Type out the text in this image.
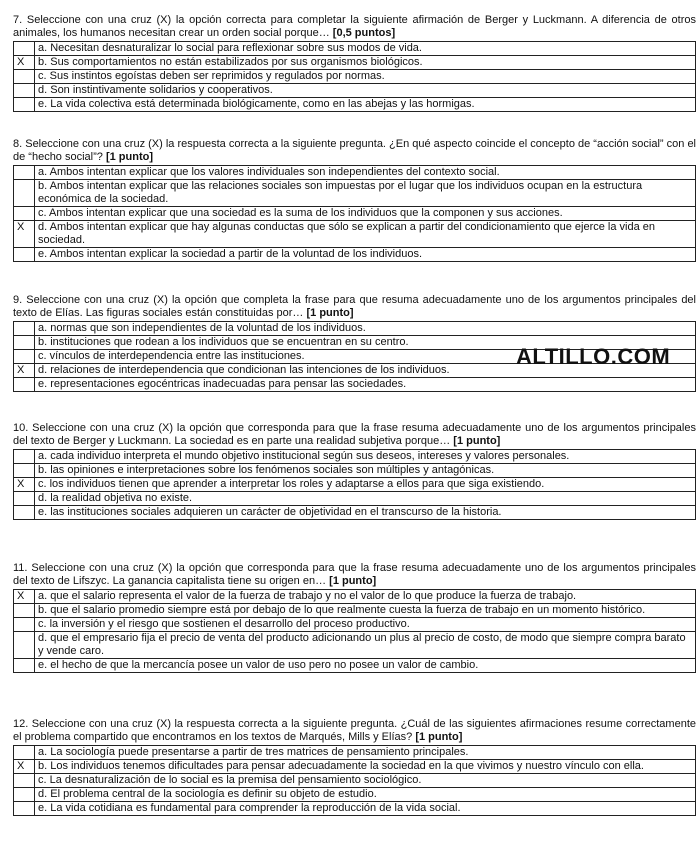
7. Seleccione con una cruz (X) la opción correcta para completar la siguiente afirmación de Berger y Luckmann. A diferencia de otros animales, los humanos necesitan crear un orden social porque… [0,5 puntos]
	a. Necesitan desnaturalizar lo social para reflexionar sobre sus modos de vida.
X	b. Sus comportamientos no están estabilizados por sus organismos biológicos.
	c. Sus instintos egoístas deben ser reprimidos y regulados por normas.
	d. Son instintivamente solidarios y cooperativos.
	e. La vida colectiva está determinada biológicamente, como en las abejas y las hormigas.
8. Seleccione con una cruz (X) la respuesta correcta a la siguiente pregunta. ¿En qué aspecto coincide el concepto de “acción social” con el de “hecho social”? [1 punto]
	a. Ambos intentan explicar que los valores individuales son independientes del contexto social.
	b. Ambos intentan explicar que las relaciones sociales son impuestas por el lugar que los individuos ocupan en la estructura económica de la sociedad.
	c. Ambos intentan explicar que una sociedad es la suma de los individuos que la componen y sus acciones.
X	d. Ambos intentan explicar que hay algunas conductas que sólo se explican a partir del condicionamiento que ejerce la vida en sociedad.
	e. Ambos intentan explicar la sociedad a partir de la voluntad de los individuos.
9. Seleccione con una cruz (X) la opción que completa la frase para que resuma adecuadamente uno de los argumentos principales del texto de Elías. Las figuras sociales están constituidas por… [1 punto]
	a. normas que son independientes de la voluntad de los individuos.
	b. instituciones que rodean a los individuos que se encuentran en su centro.
	c. vínculos de interdependencia entre las instituciones.
X	d. relaciones de interdependencia que condicionan las intenciones de los individuos.
	e. representaciones egocéntricas inadecuadas para pensar las sociedades.
10. Seleccione con una cruz (X) la opción que corresponda para que la frase resuma adecuadamente uno de los argumentos principales del texto de Berger y Luckmann. La sociedad es en parte una realidad subjetiva porque… [1 punto]
	a. cada individuo interpreta el mundo objetivo institucional según sus deseos, intereses y valores personales.
	b. las opiniones e interpretaciones sobre los fenómenos sociales son múltiples y antagónicas.
X	c. los individuos tienen que aprender a interpretar los roles y adaptarse a ellos para que siga existiendo.
	d. la realidad objetiva no existe.
	e. las instituciones sociales adquieren un carácter de objetividad en el transcurso de la historia.
11. Seleccione con una cruz (X) la opción que corresponda para que la frase resuma adecuadamente uno de los argumentos principales del texto de Lifszyc. La ganancia capitalista tiene su origen en… [1 punto]
X	a. que el salario representa el valor de la fuerza de trabajo y no el valor de lo que produce la fuerza de trabajo.
	b. que el salario promedio siempre está por debajo de lo que realmente cuesta la fuerza de trabajo en un momento histórico.
	c. la inversión y el riesgo que sostienen el desarrollo del proceso productivo.
	d. que el empresario fija el precio de venta del producto adicionando un plus al precio de costo, de modo que siempre compra barato y vende caro.
	e. el hecho de que la mercancía posee un valor de uso pero no posee un valor de cambio.
12. Seleccione con una cruz (X) la respuesta correcta a la siguiente pregunta. ¿Cuál de las siguientes afirmaciones resume correctamente el problema compartido que encontramos en los textos de Marqués, Mills y Elías? [1 punto]
	a. La sociología puede presentarse a partir de tres matrices de pensamiento principales.
X	b. Los individuos tenemos dificultades para pensar adecuadamente la sociedad en la que vivimos y nuestro vínculo con ella.
	c. La desnaturalización de lo social es la premisa del pensamiento sociológico.
	d. El problema central de la sociología es definir su objeto de estudio.
	e. La vida cotidiana es fundamental para comprender la reproducción de la vida social.
ALTILLO.COM
